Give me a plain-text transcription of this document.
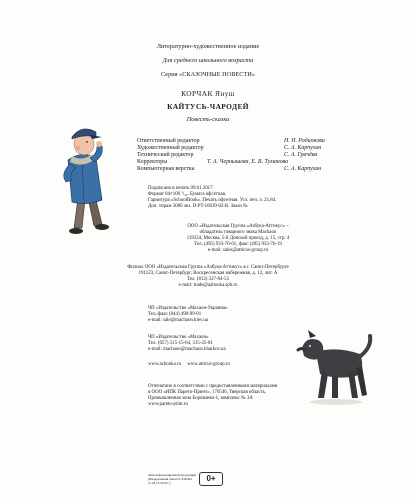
Литературно-художественное издание
Для среднего школьного возраста
Серия «СКАЗОЧНЫЕ ПОВЕСТИ»
КОРЧАК Януш
КАЙТУСЬ-ЧАРОДЕЙ
Повесть-сказка
Ответственный редактор	Н. Н. Родионова
Художественный редактор	С. А. Карпухин
Технический редактор	С. А. Грачёва
Корректоры	Т. А. Чернышева, Е. В. Туманова
Компьютерная верстка	С. А. Карпухин
Подписано в печать 09.01.2017.
Формат 84×100 ¹/₃₂. Бумага офсетная.
Гарнитура «SchoolBook». Печать офсетная. Усл. печ. л. 21,84.
Доп. тираж 3000 экз. D-PT-16039-02-R. Заказ №
ООО «Издательская Группа «Азбука-Аттикус» –
обладатель товарного знака Machaon
119334, Москва, 5-й Донской проезд, д. 15, стр. 4
Тел. (495) 933-76-01, факс (495) 933-76-19
e-mail: sales@atticus-group.ru
Филиал ООО «Издательская Группа «Азбука-Аттикус» в г. Санкт-Петербурге
191123, Санкт-Петербург, Воскресенская набережная, д. 12, лит. А
Тел. (812) 327-04-55
e-mail: trade@azbooka.spb.ru
ЧП «Издательство «Махаон-Украина»
Тел./факс (044) 490-99-01
e-mail: sale@machaon.kiev.ua
ЧП «Издательство «Махаон»
Тел. (057) 315-15-64, 315-25-81
e-mail: machaon@machaon.kharkov.ua
www.azbooka.ru     www.atticus-group.ru
Отпечатано в соответствии с предоставленными материалами
в ООО «ИПК Парето-Принт», 170546, Тверская область,
Промышленная зона Боровлево-1, комплекс № 3А
www.pareto-print.ru
Знак информационной продукции
(Федеральный закон № 436-ФЗ
от 29.12.2010 г.)
0+
